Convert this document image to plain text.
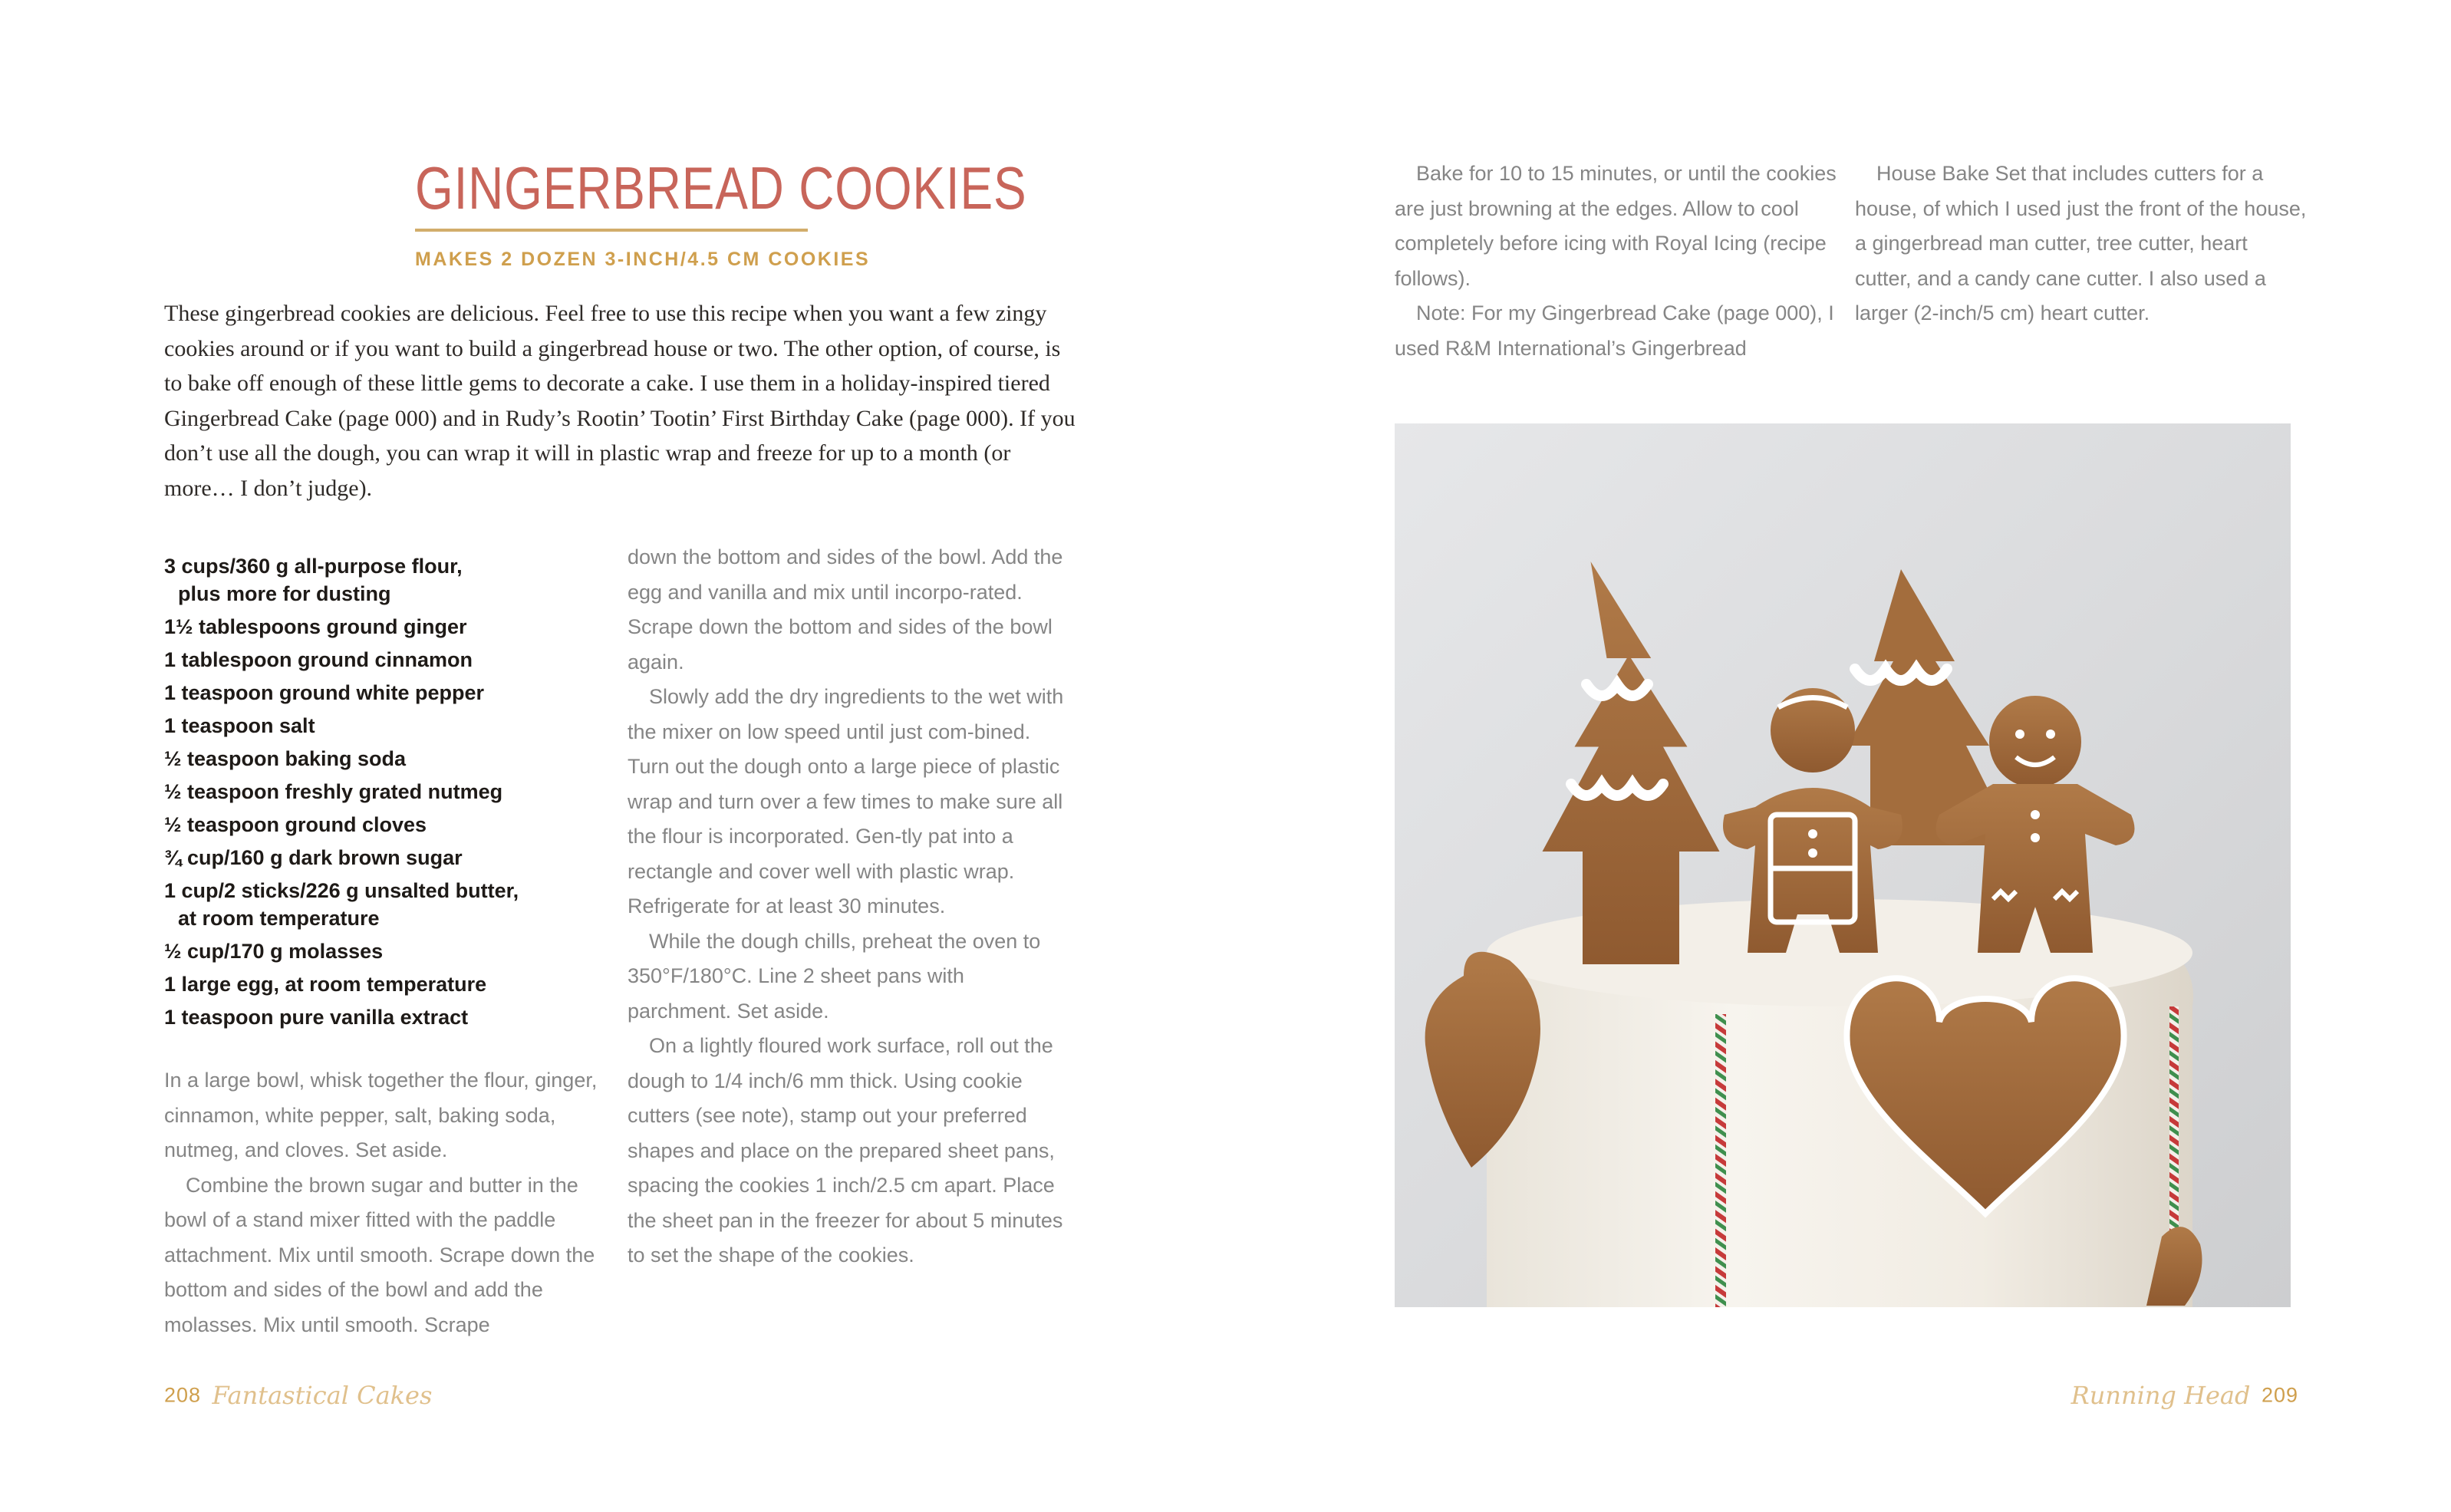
GINGERBREAD COOKIES
MAKES 2 DOZEN 3-INCH/4.5 CM COOKIES
These gingerbread cookies are delicious. Feel free to use this recipe when you want a few zingy cookies around or if you want to build a gingerbread house or two. The other option, of course, is to bake off enough of these little gems to decorate a cake. I use them in a holiday-inspired tiered Gingerbread Cake (page 000) and in Rudy’s Rootin’ Tootin’ First Birthday Cake (page 000). If you don’t use all the dough, you can wrap it will in plastic wrap and freeze for up to a month (or more… I don’t judge).
3 cups/360 g all-purpose flour,
plus more for dusting
1½ tablespoons ground ginger
1 tablespoon ground cinnamon
1 teaspoon ground white pepper
1 teaspoon salt
½ teaspoon baking soda
½ teaspoon freshly grated nutmeg
½ teaspoon ground cloves
¾ cup/160 g dark brown sugar
1 cup/2 sticks/226 g unsalted butter,
at room temperature
½ cup/170 g molasses
1 large egg, at room temperature
1 teaspoon pure vanilla extract

In a large bowl, whisk together the flour, ginger, cinnamon, white pepper, salt, baking soda, nutmeg, and cloves. Set aside.

Combine the brown sugar and butter in the bowl of a stand mixer fitted with the paddle attachment. Mix until smooth. Scrape down the bottom and sides of the bowl and add the molasses. Mix until smooth. Scrape

down the bottom and sides of the bowl. Add the egg and vanilla and mix until incorpo-rated. Scrape down the bottom and sides of the bowl again.

Slowly add the dry ingredients to the wet with the mixer on low speed until just com-bined. Turn out the dough onto a large piece of plastic wrap and turn over a few times to make sure all the flour is incorporated. Gen-tly pat into a rectangle and cover well with plastic wrap. Refrigerate for at least 30 minutes.

While the dough chills, preheat the oven to 350°F/180°C. Line 2 sheet pans with parchment. Set aside.

On a lightly floured work surface, roll out the dough to 1/4 inch/6 mm thick. Using cookie cutters (see note), stamp out your preferred shapes and place on the prepared sheet pans, spacing the cookies 1 inch/2.5 cm apart. Place the sheet pan in the freezer for about 5 minutes to set the shape of the cookies.

208 Fantastical Cakes

Bake for 10 to 15 minutes, or until the cookies are just browning at the edges. Allow to cool completely before icing with Royal Icing (recipe follows).

Note: For my Gingerbread Cake (page 000), I used R&M International’s Gingerbread

House Bake Set that includes cutters for a house, of which I used just the front of the house, a gingerbread man cutter, tree cutter, heart cutter, and a candy cane cutter. I also used a larger (2-inch/5 cm) heart cutter.

Running Head 209
